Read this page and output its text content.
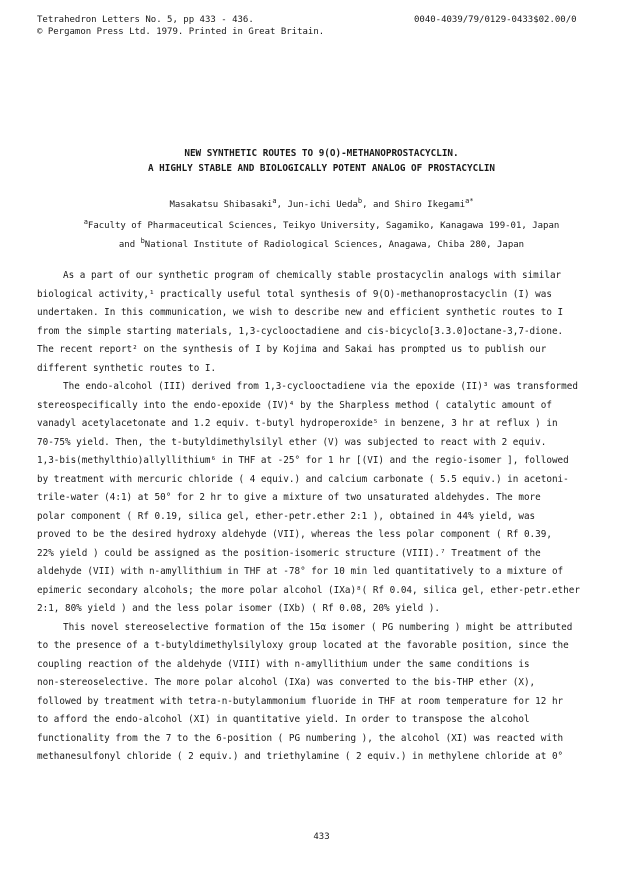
Tetrahedron Letters No. 5, pp 433 - 436.
© Pergamon Press Ltd. 1979. Printed in Great Britain.
0040-4039/79/0129-0433$02.00/0
NEW SYNTHETIC ROUTES TO 9(O)-METHANOPROSTACYCLIN.
A HIGHLY STABLE AND BIOLOGICALLY POTENT ANALOG OF PROSTACYCLIN
Masakatsu Shibasaki$^a$, Jun-ichi Ueda$^b$, and Shiro Ikegami$^{a*}$
$^a$Faculty of Pharmaceutical Sciences, Teikyo University, Sagamiko, Kanagawa 199-01, Japan
and $^b$National Institute of Radiological Sciences, Anagawa, Chiba 280, Japan
As a part of our synthetic program of chemically stable prostacyclin analogs with similar
biological activity,¹ practically useful total synthesis of 9(O)-methanoprostacyclin (I) was
undertaken. In this communication, we wish to describe new and efficient synthetic routes to I
from the simple starting materials, 1,3-cyclooctadiene and cis-bicyclo[3.3.0]octane-3,7-dione.
The recent report² on the synthesis of I by Kojima and Sakai has prompted us to publish our
different synthetic routes to I.
The endo-alcohol (III) derived from 1,3-cyclooctadiene via the epoxide (II)³ was transformed
stereospecifically into the endo-epoxide (IV)⁴ by the Sharpless method ( catalytic amount of
vanadyl acetylacetonate and 1.2 equiv. t-butyl hydroperoxide⁵ in benzene, 3 hr at reflux ) in
70-75% yield. Then, the t-butyldimethylsilyl ether (V) was subjected to react with 2 equiv.
1,3-bis(methylthio)allyllithium⁶ in THF at -25° for 1 hr [(VI) and the regio-isomer ], followed
by treatment with mercuric chloride ( 4 equiv.) and calcium carbonate ( 5.5 equiv.) in acetoni-
trile-water (4:1) at 50° for 2 hr to give a mixture of two unsaturated aldehydes. The more
polar component ( Rf 0.19, silica gel, ether-petr.ether 2:1 ), obtained in 44% yield, was
proved to be the desired hydroxy aldehyde (VII), whereas the less polar component ( Rf 0.39,
22% yield ) could be assigned as the position-isomeric structure (VIII).⁷ Treatment of the
aldehyde (VII) with n-amyllithium in THF at -78° for 10 min led quantitatively to a mixture of
epimeric secondary alcohols; the more polar alcohol (IXa)⁸( Rf 0.04, silica gel, ether-petr.ether
2:1, 80% yield ) and the less polar isomer (IXb) ( Rf 0.08, 20% yield ).
This novel stereoselective formation of the 15α isomer ( PG numbering ) might be attributed
to the presence of a t-butyldimethylsilyloxy group located at the favorable position, since the
coupling reaction of the aldehyde (VIII) with n-amyllithium under the same conditions is
non-stereoselective. The more polar alcohol (IXa) was converted to the bis-THP ether (X),
followed by treatment with tetra-n-butylammonium fluoride in THF at room temperature for 12 hr
to afford the endo-alcohol (XI) in quantitative yield. In order to transpose the alcohol
functionality from the 7 to the 6-position ( PG numbering ), the alcohol (XI) was reacted with
methanesulfonyl chloride ( 2 equiv.) and triethylamine ( 2 equiv.) in methylene chloride at 0°
433
